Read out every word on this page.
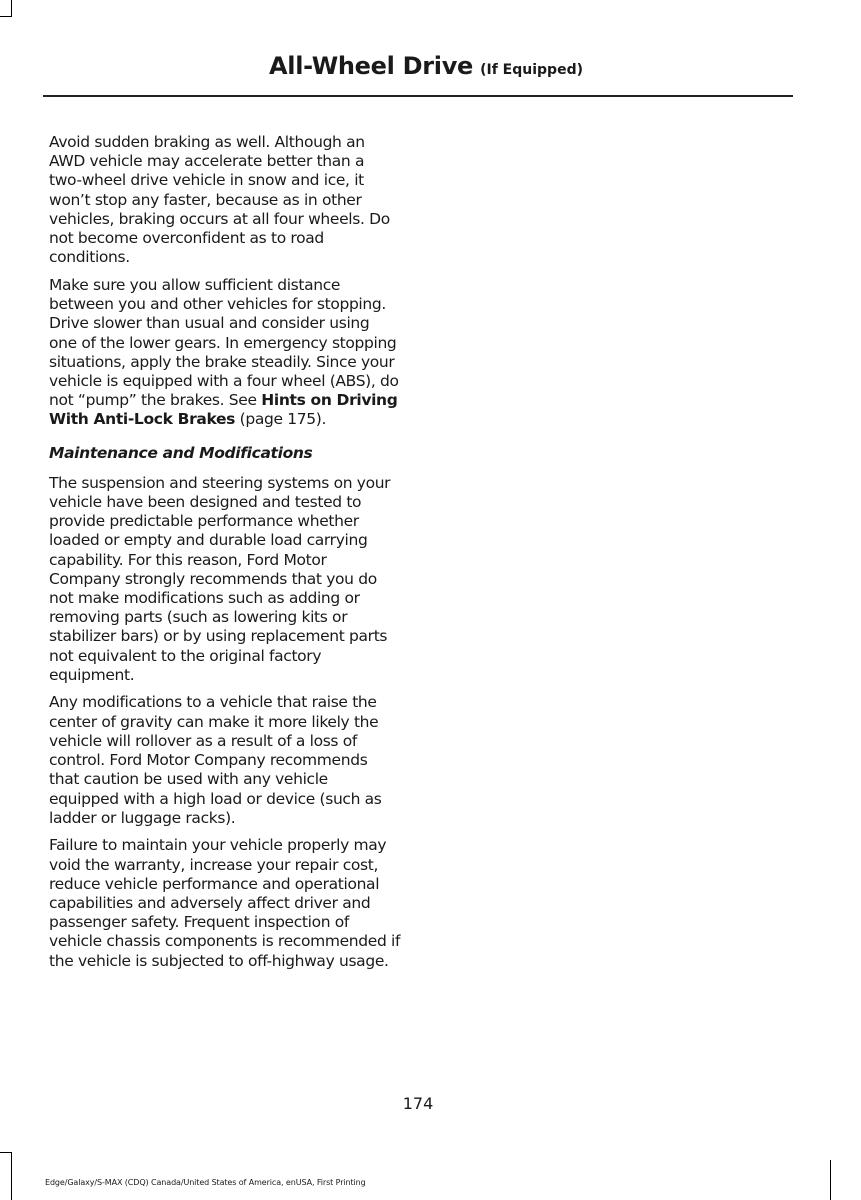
All-Wheel Drive (If Equipped)

Avoid sudden braking as well. Although an AWD vehicle may accelerate better than a two-wheel drive vehicle in snow and ice, it won’t stop any faster, because as in other vehicles, braking occurs at all four wheels. Do not become overconfident as to road conditions.

Make sure you allow sufficient distance between you and other vehicles for stopping. Drive slower than usual and consider using one of the lower gears. In emergency stopping situations, apply the brake steadily. Since your vehicle is equipped with a four wheel (ABS), do not “pump” the brakes. See Hints on Driving With Anti-Lock Brakes (page 175).

Maintenance and Modifications

The suspension and steering systems on your vehicle have been designed and tested to provide predictable performance whether loaded or empty and durable load carrying capability. For this reason, Ford Motor Company strongly recommends that you do not make modifications such as adding or removing parts (such as lowering kits or stabilizer bars) or by using replacement parts not equivalent to the original factory equipment.

Any modifications to a vehicle that raise the center of gravity can make it more likely the vehicle will rollover as a result of a loss of control. Ford Motor Company recommends that caution be used with any vehicle equipped with a high load or device (such as ladder or luggage racks).

Failure to maintain your vehicle properly may void the warranty, increase your repair cost, reduce vehicle performance and operational capabilities and adversely affect driver and passenger safety. Frequent inspection of vehicle chassis components is recommended if the vehicle is subjected to off-highway usage.

174
Edge/Galaxy/S-MAX (CDQ) Canada/United States of America, enUSA, First Printing
